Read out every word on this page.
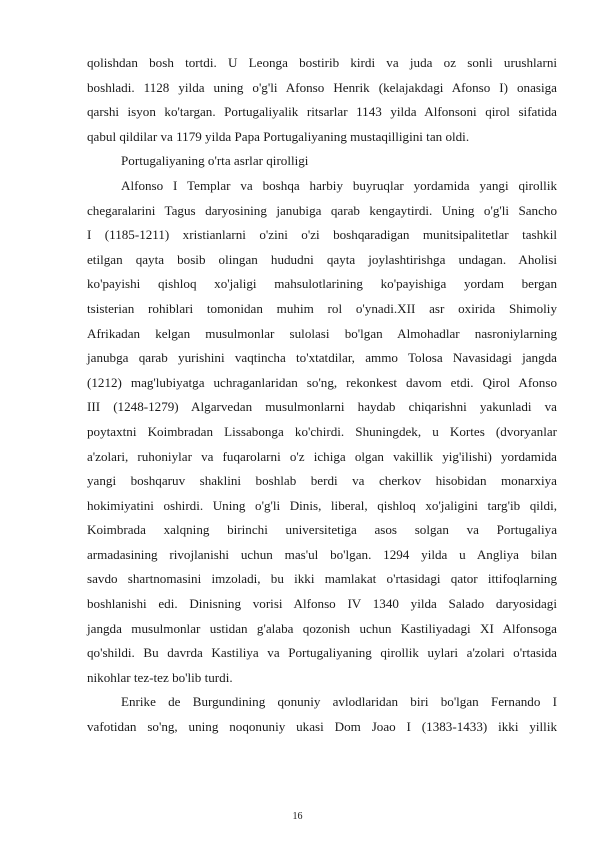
qolishdan bosh tortdi. U Leonga bostirib kirdi va juda oz sonli urushlarni
boshladi. 1128 yilda uning o'g'li Afonso Henrik (kelajakdagi Afonso I) onasiga
qarshi isyon ko'targan. Portugaliyalik ritsarlar 1143 yilda Alfonsoni qirol sifatida
qabul qildilar va 1179 yilda Papa Portugaliyaning mustaqilligini tan oldi.
Portugaliyaning o'rta asrlar qirolligi
Alfonso I Templar va boshqa harbiy buyruqlar yordamida yangi qirollik
chegaralarini Tagus daryosining janubiga qarab kengaytirdi. Uning o'g'li Sancho
I (1185-1211) xristianlarni o'zini o'zi boshqaradigan munitsipalitetlar tashkil
etilgan qayta bosib olingan hududni qayta joylashtirishga undagan. Aholisi
ko'payishi qishloq xo'jaligi mahsulotlarining ko'payishiga yordam bergan
tsisterian rohiblari tomonidan muhim rol o'ynadi.XII asr oxirida Shimoliy
Afrikadan kelgan musulmonlar sulolasi bo'lgan Almohadlar nasroniylarning
janubga qarab yurishini vaqtincha to'xtatdilar, ammo Tolosa Navasidagi jangda
(1212) mag'lubiyatga uchraganlaridan so'ng, rekonkest davom etdi. Qirol Afonso
III (1248-1279) Algarvedan musulmonlarni haydab chiqarishni yakunladi va
poytaxtni Koimbradan Lissabonga ko'chirdi. Shuningdek, u Kortes (dvoryanlar
a'zolari, ruhoniylar va fuqarolarni o'z ichiga olgan vakillik yig'ilishi) yordamida
yangi boshqaruv shaklini boshlab berdi va cherkov hisobidan monarxiya
hokimiyatini oshirdi. Uning o'g'li Dinis, liberal, qishloq xo'jaligini targ'ib qildi,
Koimbrada xalqning birinchi universitetiga asos solgan va Portugaliya
armadasining rivojlanishi uchun mas'ul bo'lgan. 1294 yilda u Angliya bilan
savdo shartnomasini imzoladi, bu ikki mamlakat o'rtasidagi qator ittifoqlarning
boshlanishi edi. Dinisning vorisi Alfonso IV 1340 yilda Salado daryosidagi
jangda musulmonlar ustidan g'alaba qozonish uchun Kastiliyadagi XI Alfonsoga
qo'shildi. Bu davrda Kastiliya va Portugaliyaning qirollik uylari a'zolari o'rtasida
nikohlar tez-tez bo'lib turdi.
Enrike de Burgundining qonuniy avlodlaridan biri bo'lgan Fernando I
vafotidan so'ng, uning noqonuniy ukasi Dom Joao I (1383-1433) ikki yillik
16
